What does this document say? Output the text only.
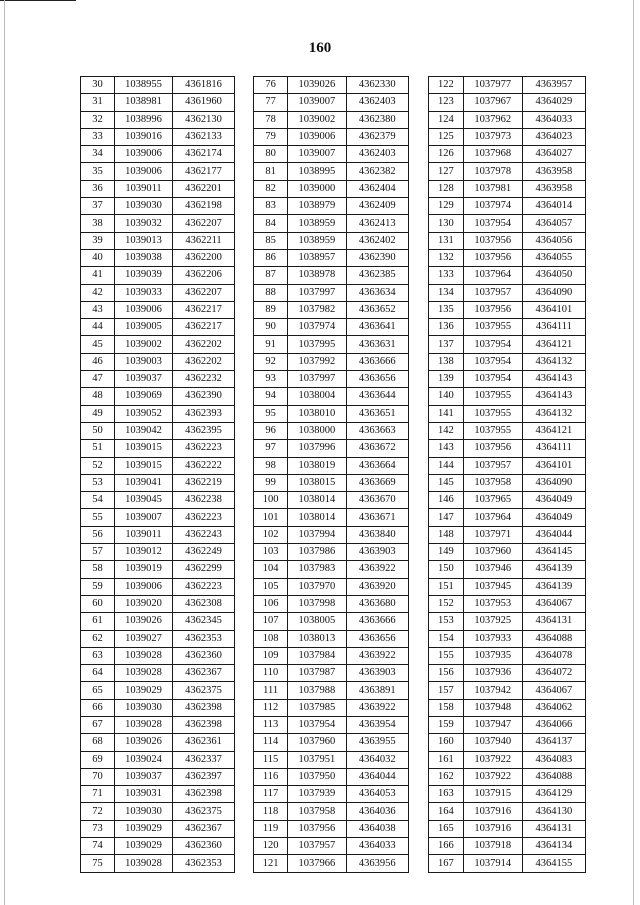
160
30	1038955	4361816
31	1038981	4361960
32	1038996	4362130
33	1039016	4362133
34	1039006	4362174
35	1039006	4362177
36	1039011	4362201
37	1039030	4362198
38	1039032	4362207
39	1039013	4362211
40	1039038	4362200
41	1039039	4362206
42	1039033	4362207
43	1039006	4362217
44	1039005	4362217
45	1039002	4362202
46	1039003	4362202
47	1039037	4362232
48	1039069	4362390
49	1039052	4362393
50	1039042	4362395
51	1039015	4362223
52	1039015	4362222
53	1039041	4362219
54	1039045	4362238
55	1039007	4362223
56	1039011	4362243
57	1039012	4362249
58	1039019	4362299
59	1039006	4362223
60	1039020	4362308
61	1039026	4362345
62	1039027	4362353
63	1039028	4362360
64	1039028	4362367
65	1039029	4362375
66	1039030	4362398
67	1039028	4362398
68	1039026	4362361
69	1039024	4362337
70	1039037	4362397
71	1039031	4362398
72	1039030	4362375
73	1039029	4362367
74	1039029	4362360
75	1039028	4362353
76	1039026	4362330
77	1039007	4362403
78	1039002	4362380
79	1039006	4362379
80	1039007	4362403
81	1038995	4362382
82	1039000	4362404
83	1038979	4362409
84	1038959	4362413
85	1038959	4362402
86	1038957	4362390
87	1038978	4362385
88	1037997	4363634
89	1037982	4363652
90	1037974	4363641
91	1037995	4363631
92	1037992	4363666
93	1037997	4363656
94	1038004	4363644
95	1038010	4363651
96	1038000	4363663
97	1037996	4363672
98	1038019	4363664
99	1038015	4363669
100	1038014	4363670
101	1038014	4363671
102	1037994	4363840
103	1037986	4363903
104	1037983	4363922
105	1037970	4363920
106	1037998	4363680
107	1038005	4363666
108	1038013	4363656
109	1037984	4363922
110	1037987	4363903
111	1037988	4363891
112	1037985	4363922
113	1037954	4363954
114	1037960	4363955
115	1037951	4364032
116	1037950	4364044
117	1037939	4364053
118	1037958	4364036
119	1037956	4364038
120	1037957	4364033
121	1037966	4363956
122	1037977	4363957
123	1037967	4364029
124	1037962	4364033
125	1037973	4364023
126	1037968	4364027
127	1037978	4363958
128	1037981	4363958
129	1037974	4364014
130	1037954	4364057
131	1037956	4364056
132	1037956	4364055
133	1037964	4364050
134	1037957	4364090
135	1037956	4364101
136	1037955	4364111
137	1037954	4364121
138	1037954	4364132
139	1037954	4364143
140	1037955	4364143
141	1037955	4364132
142	1037955	4364121
143	1037956	4364111
144	1037957	4364101
145	1037958	4364090
146	1037965	4364049
147	1037964	4364049
148	1037971	4364044
149	1037960	4364145
150	1037946	4364139
151	1037945	4364139
152	1037953	4364067
153	1037925	4364131
154	1037933	4364088
155	1037935	4364078
156	1037936	4364072
157	1037942	4364067
158	1037948	4364062
159	1037947	4364066
160	1037940	4364137
161	1037922	4364083
162	1037922	4364088
163	1037915	4364129
164	1037916	4364130
165	1037916	4364131
166	1037918	4364134
167	1037914	4364155
